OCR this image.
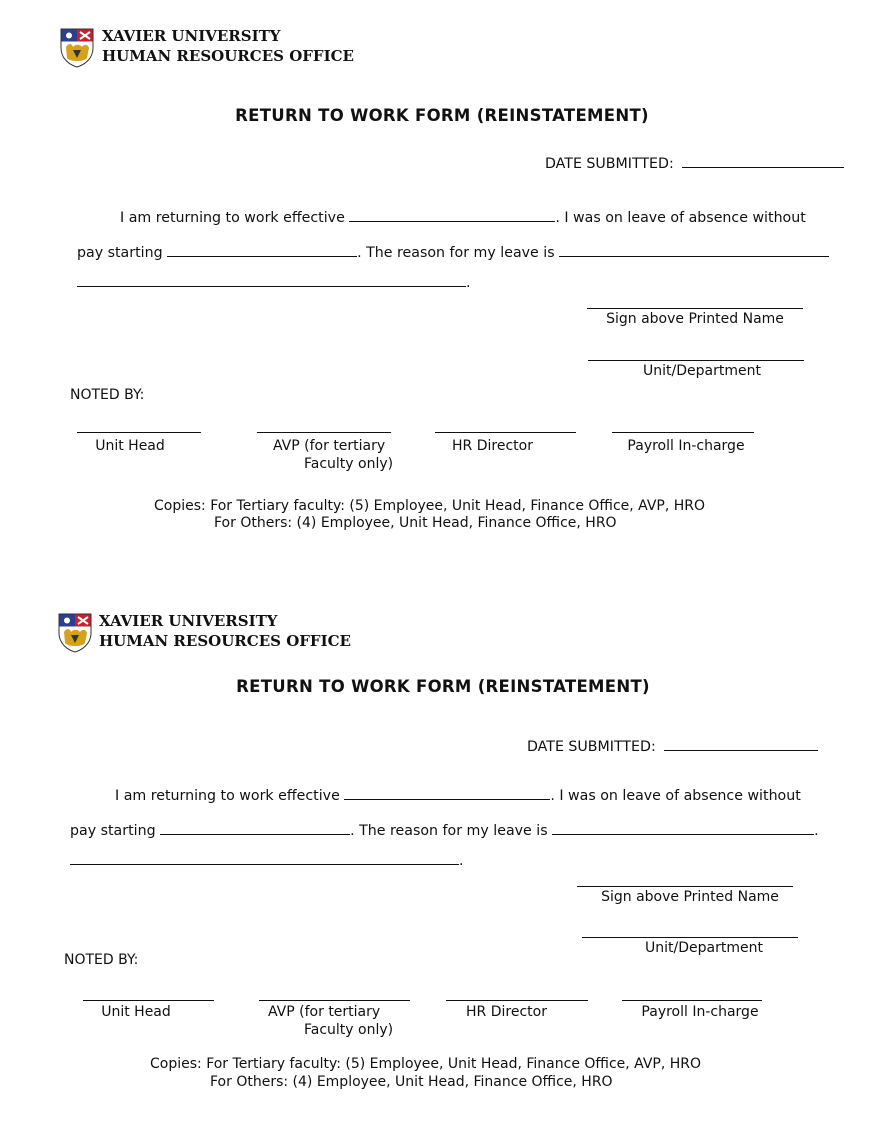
XAVIER UNIVERSITY
HUMAN RESOURCES OFFICE
RETURN TO WORK FORM (REINSTATEMENT)
DATE SUBMITTED:
I am returning to work effective	. I was on leave of absence without
pay starting	. The reason for my leave is
.
Sign above Printed Name
Unit/Department
NOTED BY:
Unit Head	AVP (for tertiary
Faculty only)
HR Director	Payroll In-charge
Copies: For Tertiary faculty: (5) Employee, Unit Head, Finance Office, AVP, HRO
For Others: (4) Employee, Unit Head, Finance Office, HRO
XAVIER UNIVERSITY
HUMAN RESOURCES OFFICE
RETURN TO WORK FORM (REINSTATEMENT)
DATE SUBMITTED:
I am returning to work effective	. I was on leave of absence without
pay starting	. The reason for my leave is	.
.
Sign above Printed Name
Unit/Department
NOTED BY:
Unit Head	AVP (for tertiary
Faculty only)
HR Director	Payroll In-charge
Copies: For Tertiary faculty: (5) Employee, Unit Head, Finance Office, AVP, HRO
For Others: (4) Employee, Unit Head, Finance Office, HRO
